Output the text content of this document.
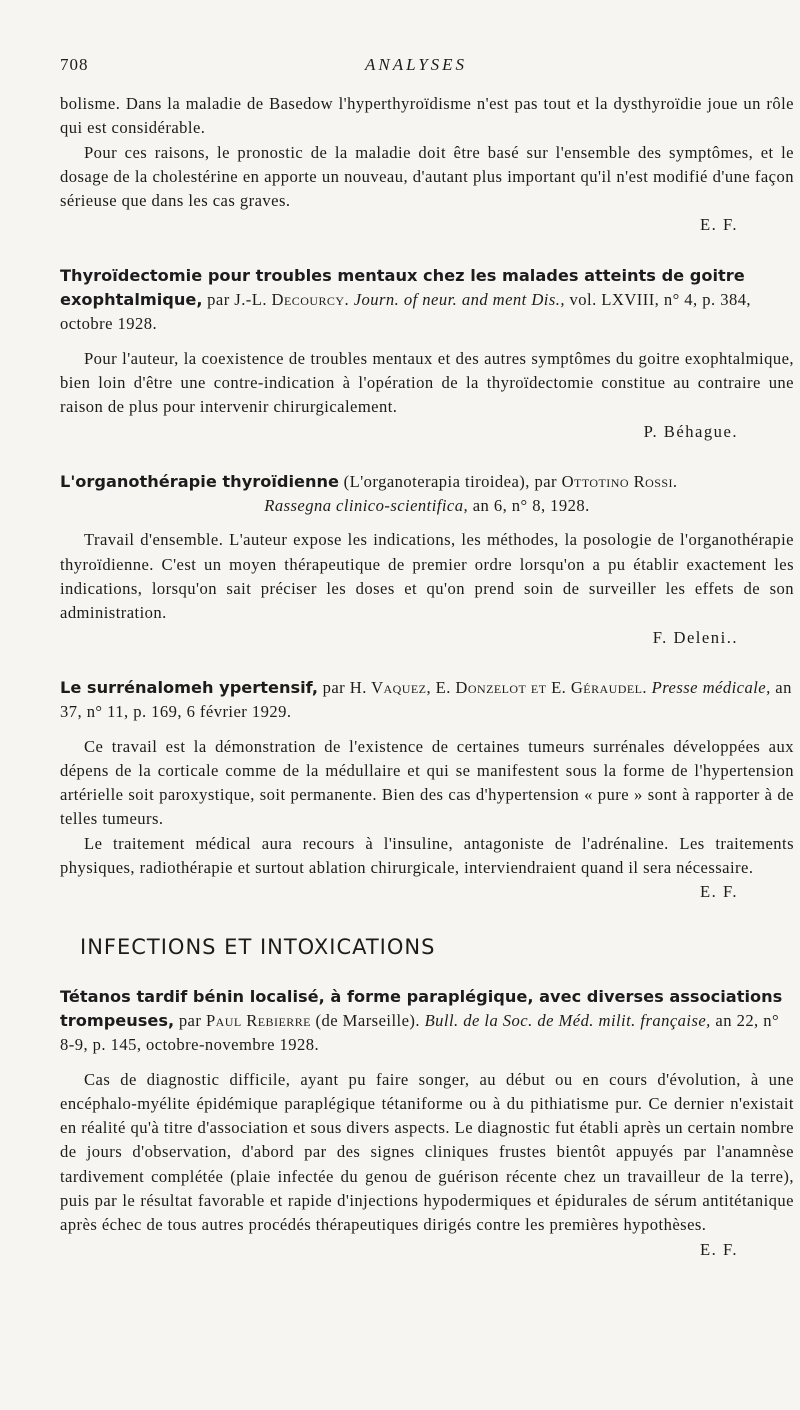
708	ANALYSES

bolisme. Dans la maladie de Basedow l'hyperthyroïdisme n'est pas tout et la dysthyroïdie joue un rôle qui est considérable.

Pour ces raisons, le pronostic de la maladie doit être basé sur l'ensemble des symptômes, et le dosage de la cholestérine en apporte un nouveau, d'autant plus important qu'il n'est modifié d'une façon sérieuse que dans les cas graves.

E. F.
Thyroïdectomie pour troubles mentaux chez les malades atteints de goitre exophtalmique, par J.-L. Decourcy. Journ. of neur. and ment Dis., vol. LXVIII, n° 4, p. 384, octobre 1928.

Pour l'auteur, la coexistence de troubles mentaux et des autres symptômes du goitre exophtalmique, bien loin d'être une contre-indication à l'opération de la thyroïdectomie constitue au contraire une raison de plus pour intervenir chirurgicalement.

P. Béhague.
L'organothérapie thyroïdienne (L'organoterapia tiroidea), par Ottotino Rossi.
Rassegna clinico-scientifica, an 6, n° 8, 1928.

Travail d'ensemble. L'auteur expose les indications, les méthodes, la posologie de l'organothérapie thyroïdienne. C'est un moyen thérapeutique de premier ordre lorsqu'on a pu établir exactement les indications, lorsqu'on sait préciser les doses et qu'on prend soin de surveiller les effets de son administration.

F. Deleni..
Le surrénalomeh ypertensif, par H. Vaquez, E. Donzelot et E. Géraudel. Presse médicale, an 37, n° 11, p. 169, 6 février 1929.

Ce travail est la démonstration de l'existence de certaines tumeurs surrénales développées aux dépens de la corticale comme de la médullaire et qui se manifestent sous la forme de l'hypertension artérielle soit paroxystique, soit permanente. Bien des cas d'hypertension « pure » sont à rapporter à de telles tumeurs.

Le traitement médical aura recours à l'insuline, antagoniste de l'adrénaline. Les traitements physiques, radiothérapie et surtout ablation chirurgicale, interviendraient quand il sera nécessaire.

E. F.
INFECTIONS ET INTOXICATIONS
Tétanos tardif bénin localisé, à forme paraplégique, avec diverses associations trompeuses, par Paul Rebierre (de Marseille). Bull. de la Soc. de Méd. milit. française, an 22, n° 8-9, p. 145, octobre-novembre 1928.

Cas de diagnostic difficile, ayant pu faire songer, au début ou en cours d'évolution, à une encéphalo-myélite épidémique paraplégique tétaniforme ou à du pithiatisme pur. Ce dernier n'existait en réalité qu'à titre d'association et sous divers aspects. Le diagnostic fut établi après un certain nombre de jours d'observation, d'abord par des signes cliniques frustes bientôt appuyés par l'anamnèse tardivement complétée (plaie infectée du genou de guérison récente chez un travailleur de la terre), puis par le résultat favorable et rapide d'injections hypodermiques et épidurales de sérum antitétanique après échec de tous autres procédés thérapeutiques dirigés contre les premières hypothèses.

E. F.
